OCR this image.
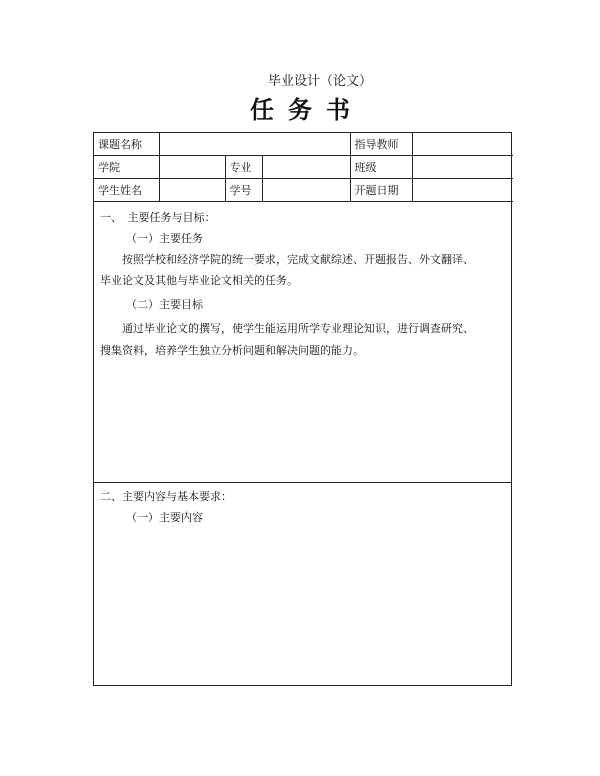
毕业设计（论文）
任务书
课题名称				指导教师	
学院		专业		班级	
学生姓名		学号		开题日期	
一、　主要任务与目标：
（一）主要任务
按照学校和经济学院的统一要求，完成文献综述、开题报告、外文翻译、
毕业论文及其他与毕业论文相关的任务。
（二）主要目标
通过毕业论文的撰写，使学生能运用所学专业理论知识，进行调查研究、
搜集资料，培养学生独立分析问题和解决问题的能力。
二、主要内容与基本要求：
（一）主要内容
